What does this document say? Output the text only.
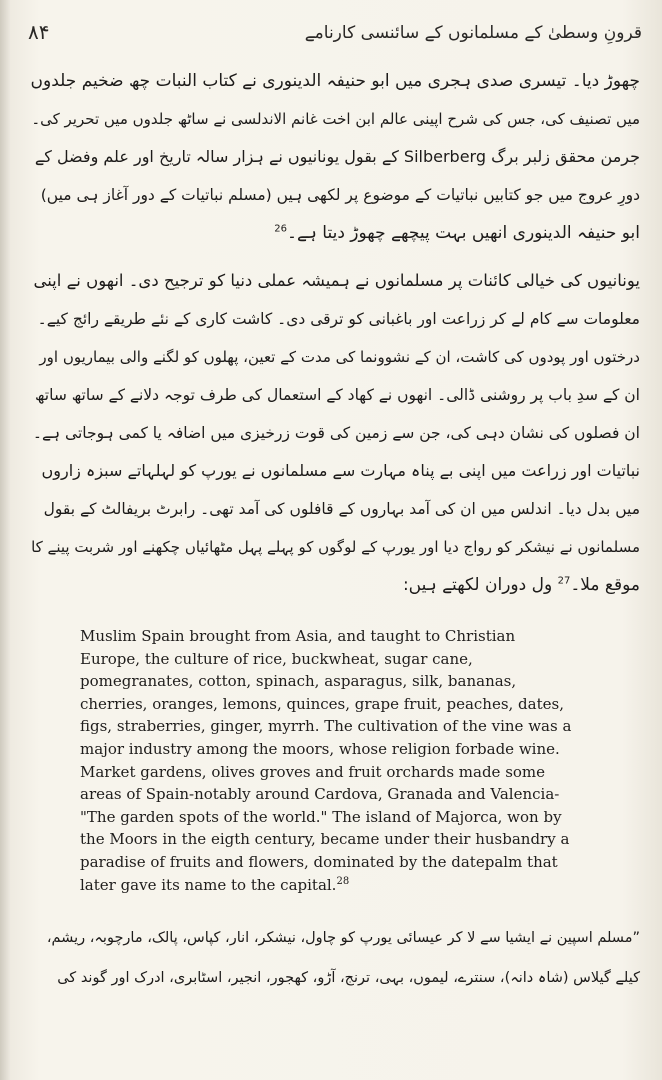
۸۴	قرونِ وسطیٰ کے مسلمانوں کے سائنسی کارنامے
چھوڑ دیا۔ تیسری صدی ہجری میں ابو حنیفہ الدینوری نے کتاب النبات چھ ضخیم جلدوں
میں تصنیف کی، جس کی شرح اپینی عالم ابن اخت غانم الاندلسی نے ساٹھ جلدوں میں تحریر کی۔
جرمن محقق زلبر برگ Silberberg کے بقول یونانیوں نے ہزار سالہ تاریخ اور علم وفضل کے
دورِ عروج میں جو کتابیں نباتیات کے موضوع پر لکھی ہیں (مسلم نباتیات کے دور آغاز ہی میں)
ابو حنیفہ الدینوری انھیں بہت پیچھے چھوڑ دیتا ہے۔$^{26}$
یونانیوں کی خیالی کائنات پر مسلمانوں نے ہمیشہ عملی دنیا کو ترجیح دی۔ انھوں نے اپنی
معلومات سے کام لے کر زراعت اور باغبانی کو ترقی دی۔ کاشت کاری کے نئے طریقے رائج کیے۔
درختوں اور پودوں کی کاشت، ان کے نشوونما کی مدت کے تعین، پھلوں کو لگنے والی بیماریوں اور
ان کے سدِ باب پر روشنی ڈالی۔ انھوں نے کھاد کے استعمال کی طرف توجہ دلانے کے ساتھ ساتھ
ان فصلوں کی نشان دہی کی، جن سے زمین کی قوت زرخیزی میں اضافہ یا کمی ہوجاتی ہے۔
نباتیات اور زراعت میں اپنی بے پناہ مہارت سے مسلمانوں نے یورپ کو لہلہاتے سبزہ زاروں
میں بدل دیا۔ اندلس میں ان کی آمد بہاروں کے قافلوں کی آمد تھی۔ رابرٹ بریفالٹ کے بقول
مسلمانوں نے نیشکر کو رواج دیا اور یورپ کے لوگوں کو پہلے پہل مٹھائیاں چکھنے اور شربت پینے کا
موقع ملا۔$^{27}$ ول دوران لکھتے ہیں:
Muslim Spain brought from Asia, and taught to Christian
Europe, the culture of rice, buckwheat, sugar cane,
pomegranates, cotton, spinach, asparagus, silk, bananas,
cherries, oranges, lemons, quinces, grape fruit, peaches, dates,
figs, straberries, ginger, myrrh. The cultivation of the vine was a
major industry among the moors, whose religion forbade wine.
Market gardens, olives groves and fruit orchards made some
areas of Spain-notably around Cardova, Granada and Valencia-
"The garden spots of the world." The island of Majorca, won by
the Moors in the eigth century, became under their husbandry a
paradise of fruits and flowers, dominated by the datepalm that
later gave its name to the capital.$^{28}$
”مسلم اسپین نے ایشیا سے لا کر عیسائی یورپ کو چاول، نیشکر، انار، کپاس، پالک، مارچوبہ، ریشم،
کیلے گیلاس (شاہ دانہ)، سنترے، لیموں، بہی، ترنج، آڑو، کھجور، انجیر، اسٹابری، ادرک اور گوند کی
